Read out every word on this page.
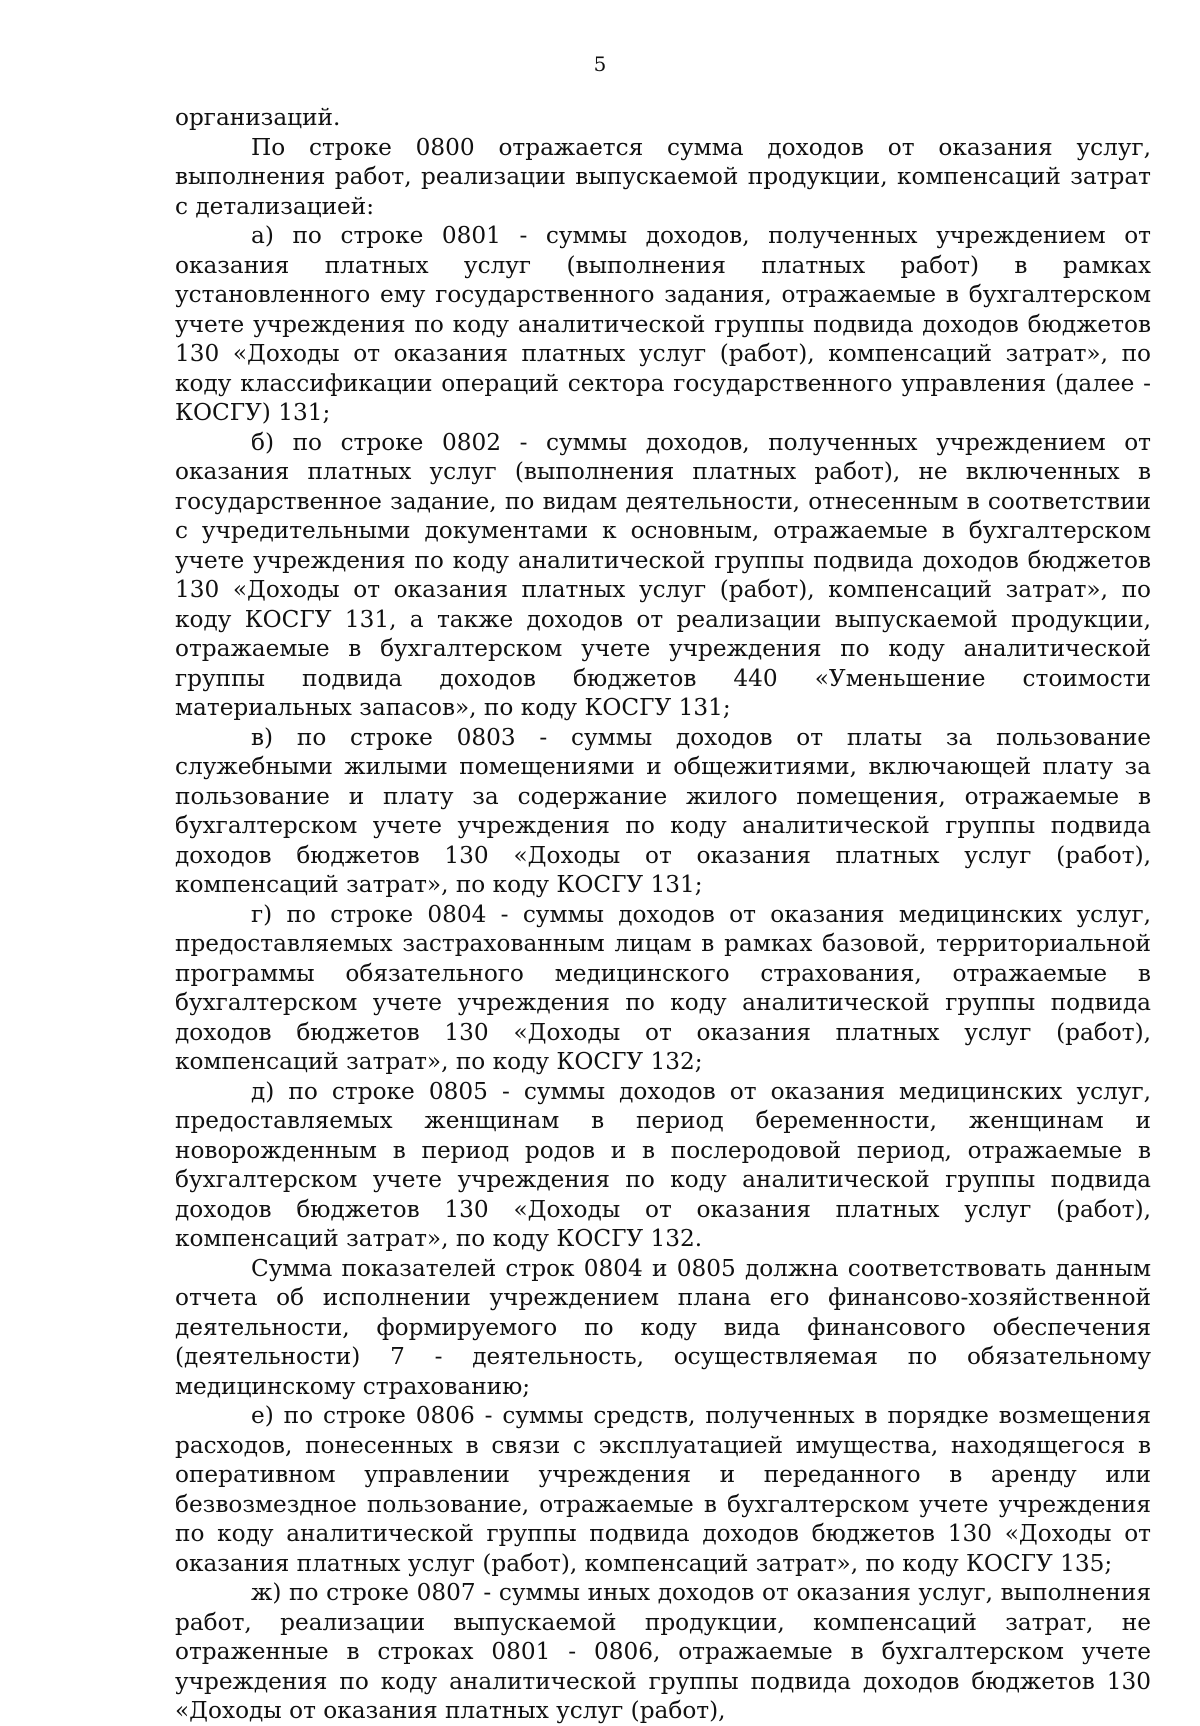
5

организаций.

По строке 0800 отражается сумма доходов от оказания услуг, выполнения работ, реализации выпускаемой продукции, компенсаций затрат с детализацией:

а) по строке 0801 - суммы доходов, полученных учреждением от оказания платных услуг (выполнения платных работ) в рамках установленного ему государственного задания, отражаемые в бухгалтерском учете учреждения по коду аналитической группы подвида доходов бюджетов 130 «Доходы от оказания платных услуг (работ), компенсаций затрат», по коду классификации операций сектора государственного управления (далее - КОСГУ) 131;

б) по строке 0802 - суммы доходов, полученных учреждением от оказания платных услуг (выполнения платных работ), не включенных в государственное задание, по видам деятельности, отнесенным в соответствии с учредительными документами к основным, отражаемые в бухгалтерском учете учреждения по коду аналитической группы подвида доходов бюджетов 130 «Доходы от оказания платных услуг (работ), компенсаций затрат», по коду КОСГУ 131, а также доходов от реализации выпускаемой продукции, отражаемые в бухгалтерском учете учреждения по коду аналитической группы подвида доходов бюджетов 440 «Уменьшение стоимости материальных запасов», по коду КОСГУ 131;

в) по строке 0803 - суммы доходов от платы за пользование служебными жилыми помещениями и общежитиями, включающей плату за пользование и плату за содержание жилого помещения, отражаемые в бухгалтерском учете учреждения по коду аналитической группы подвида доходов бюджетов 130 «Доходы от оказания платных услуг (работ), компенсаций затрат», по коду КОСГУ 131;

г) по строке 0804 - суммы доходов от оказания медицинских услуг, предоставляемых застрахованным лицам в рамках базовой, территориальной программы обязательного медицинского страхования, отражаемые в бухгалтерском учете учреждения по коду аналитической группы подвида доходов бюджетов 130 «Доходы от оказания платных услуг (работ), компенсаций затрат», по коду КОСГУ 132;

д) по строке 0805 - суммы доходов от оказания медицинских услуг, предоставляемых женщинам в период беременности, женщинам и новорожденным в период родов и в послеродовой период, отражаемые в бухгалтерском учете учреждения по коду аналитической группы подвида доходов бюджетов 130 «Доходы от оказания платных услуг (работ), компенсаций затрат», по коду КОСГУ 132.

Сумма показателей строк 0804 и 0805 должна соответствовать данным отчета об исполнении учреждением плана его финансово-хозяйственной деятельности, формируемого по коду вида финансового обеспечения (деятельности) 7 - деятельность, осуществляемая по обязательному медицинскому страхованию;

е) по строке 0806 - суммы средств, полученных в порядке возмещения расходов, понесенных в связи с эксплуатацией имущества, находящегося в оперативном управлении учреждения и переданного в аренду или безвозмездное пользование, отражаемые в бухгалтерском учете учреждения по коду аналитической группы подвида доходов бюджетов 130 «Доходы от оказания платных услуг (работ), компенсаций затрат», по коду КОСГУ 135;

ж) по строке 0807 - суммы иных доходов от оказания услуг, выполнения работ, реализации выпускаемой продукции, компенсаций затрат, не отраженные в строках 0801 - 0806, отражаемые в бухгалтерском учете учреждения по коду аналитической группы подвида доходов бюджетов 130 «Доходы от оказания платных услуг (работ),
